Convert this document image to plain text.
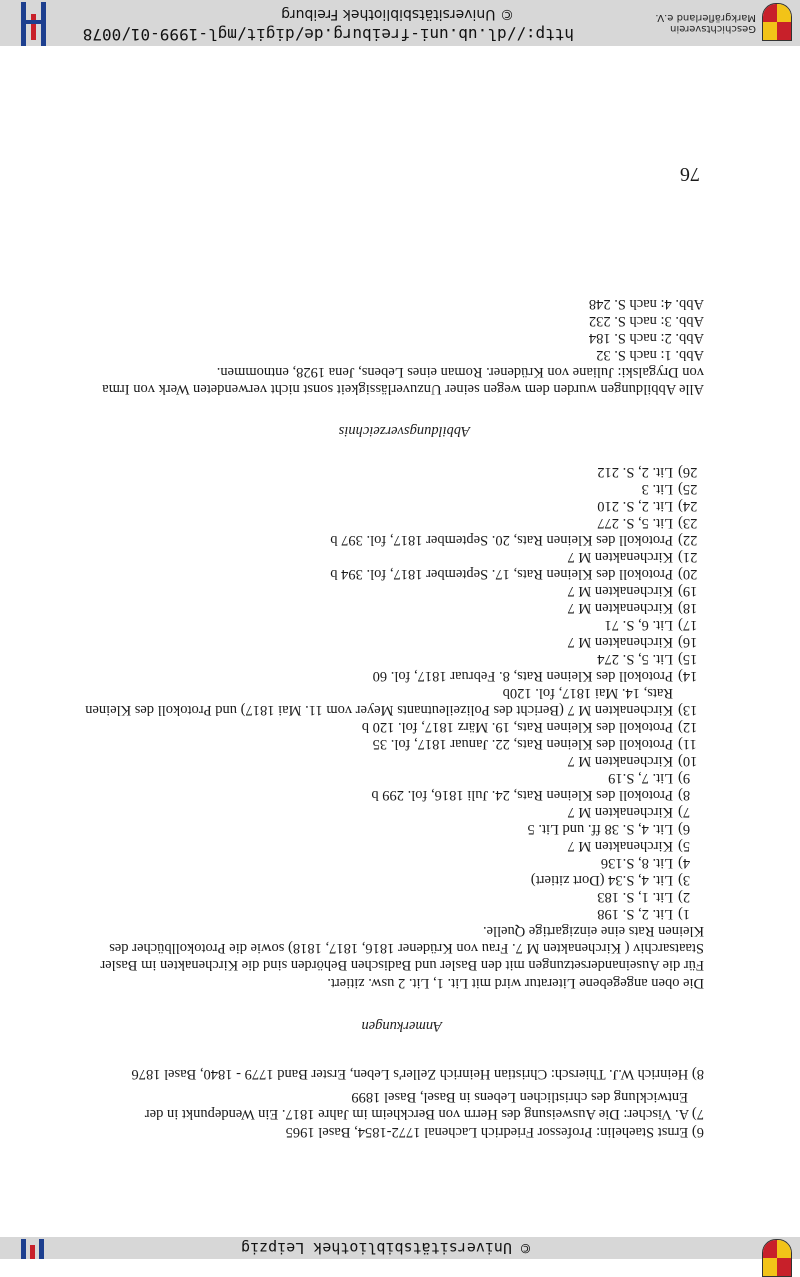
© Universitätsbibliothek Leipzig
6) Ernst Staehelin: Professor Friedrich Lachenal 1772-1854, Basel 1965
7) A. Vischer: Die Ausweisung des Herrn von Berckheim im Jahre 1817. Ein Wendepunkt in der
Entwicklung des christlichen Lebens in Basel, Basel 1899
8) Heinrich W.J. Thiersch: Christian Heinrich Zeller's Leben, Erster Band 1779 - 1840, Basel 1876
Anmerkungen
Die oben angegebene Literatur wird mit Lit. 1, Lit. 2 usw. zitiert.
Für die Auseinandersetzungen mit den Basler und Badischen Behörden sind die Kirchenakten im Basler
Staatsarchiv ( Kirchenakten M 7. Frau von Krüdener 1816, 1817, 1818) sowie die Protokollbücher des
Kleinen Rats eine einzigartige Quelle.
1)Lit. 2, S. 198
2)Lit. 1, S. 183
3)Lit. 4, S.34 (Dort zitiert)
4)Lit. 8, S.136
5)Kirchenakten M 7
6)Lit. 4, S. 38 ff. und Lit. 5
7)Kirchenakten M 7
8)Protokoll des Kleinen Rats, 24. Juli 1816, fol. 299 b
9)Lit. 7, S.19
10)Kirchenakten M 7
11)Protokoll des Kleinen Rats, 22. Januar 1817, fol. 35
12)Protokoll des Kleinen Rats, 19. März 1817, fol. 120 b
13)Kirchenakten M 7 (Bericht des Polizeileutnants Meyer vom 11. Mai 1817) und Protokoll des Kleinen
Rats, 14. Mai 1817, fol. 120b
14)Protokoll des Kleinen Rats, 8. Februar 1817, fol. 60
15)Lit. 5, S. 274
16)Kirchenakten M 7
17)Lit. 6, S. 71
18)Kirchenakten M 7
19)Kirchenakten M 7
20)Protokoll des Kleinen Rats, 17. September 1817, fol. 394 b
21)Kirchenakten M 7
22)Protokoll des Kleinen Rats, 20. September 1817, fol. 397 b
23)Lit. 5, S. 277
24)Lit. 2, S. 210
25)Lit. 3
26)Lit. 2, S. 212
Abbildungsverzeichnis
Alle Abbildungen wurden dem wegen seiner Unzuverlässigkeit sonst nicht verwendeten Werk von Irma
von Drygalski: Juliane von Krüdener. Roman eines Lebens, Jena 1928, entnommen.
Abb. 1: nach S. 32
Abb. 2: nach S. 184
Abb. 3: nach S. 232
Abb. 4: nach S. 248
76
http://dl.ub.uni-freiburg.de/digit/mgl-1999-01/0078
© Universitätsbibliothek Freiburg
Geschichtsverein
Markgräflerland e.V.
